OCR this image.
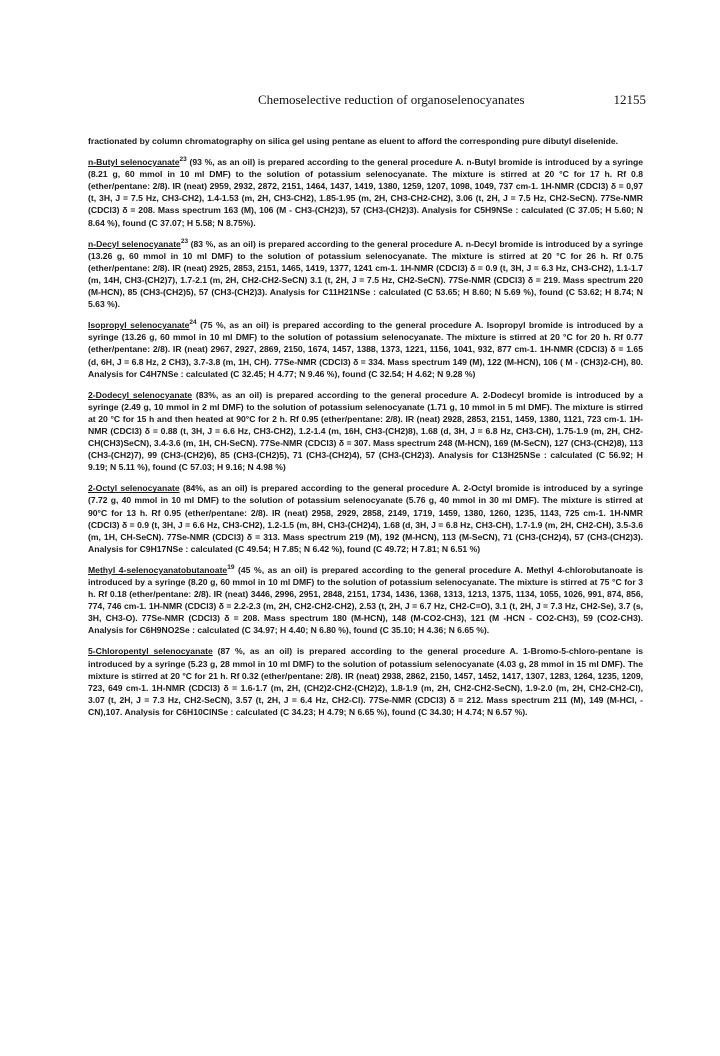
Chemoselective reduction of organoselenocyanates	12155

fractionated by column chromatography on silica gel using pentane as eluent to afford the corresponding pure dibutyl diselenide.

n-Butyl selenocyanate$^{23}$ (93 %, as an oil) is prepared according to the general procedure A. n-Butyl bromide is introduced by a syringe (8.21 g, 60 mmol in 10 ml DMF) to the solution of potassium selenocyanate. The mixture is stirred at 20 °C for 17 h. Rf 0.8 (ether/pentane: 2/8). IR (neat) 2959, 2932, 2872, 2151, 1464, 1437, 1419, 1380, 1259, 1207, 1098, 1049, 737 cm-1. 1H-NMR (CDCl3) δ = 0,97 (t, 3H, J = 7.5 Hz, CH3-CH2), 1.4-1.53 (m, 2H, CH3-CH2), 1.85-1.95 (m, 2H, CH3-CH2-CH2), 3.06 (t, 2H, J = 7.5 Hz, CH2-SeCN). 77Se-NMR (CDCl3) δ = 208. Mass spectrum 163 (M), 106 (M - CH3-(CH2)3), 57 (CH3-(CH2)3). Analysis for C5H9NSe : calculated (C 37.05; H 5.60; N 8.64 %), found (C 37.07; H 5.58; N 8.75%).

n-Decyl selenocyanate$^{23}$ (83 %, as an oil) is prepared according to the general procedure A. n-Decyl bromide is introduced by a syringe (13.26 g, 60 mmol in 10 ml DMF) to the solution of potassium selenocyanate. The mixture is stirred at 20 °C for 26 h. Rf 0.75 (ether/pentane: 2/8). IR (neat) 2925, 2853, 2151, 1465, 1419, 1377, 1241 cm-1. 1H-NMR (CDCl3) δ = 0.9 (t, 3H, J = 6.3 Hz, CH3-CH2), 1.1-1.7 (m, 14H, CH3-(CH2)7), 1.7-2.1 (m, 2H, CH2-CH2-SeCN) 3.1 (t, 2H, J = 7.5 Hz, CH2-SeCN). 77Se-NMR (CDCl3) δ = 219. Mass spectrum 220 (M-HCN), 85 (CH3-(CH2)5), 57 (CH3-(CH2)3). Analysis for C11H21NSe : calculated (C 53.65; H 8.60; N 5.69 %), found (C 53.62; H 8.74; N 5.63 %).

Isopropyl selenocyanate$^{24}$ (75 %, as an oil) is prepared according to the general procedure A. Isopropyl bromide is introduced by a syringe (13.26 g, 60 mmol in 10 ml DMF) to the solution of potassium selenocyanate. The mixture is stirred at 20 °C for 20 h. Rf 0.77 (ether/pentane: 2/8). IR (neat) 2967, 2927, 2869, 2150, 1674, 1457, 1388, 1373, 1221, 1156, 1041, 932, 877 cm-1. 1H-NMR (CDCl3) δ = 1.65 (d, 6H, J = 6.8 Hz, 2 CH3), 3.7-3.8 (m, 1H, CH). 77Se-NMR (CDCl3) δ = 334. Mass spectrum 149 (M), 122 (M-HCN), 106 ( M - (CH3)2-CH), 80. Analysis for C4H7NSe : calculated (C 32.45; H 4.77; N 9.46 %), found (C 32.54; H 4.62; N 9.28 %)

2-Dodecyl selenocyanate (83%, as an oil) is prepared according to the general procedure A. 2-Dodecyl bromide is introduced by a syringe (2.49 g, 10 mmol in 2 ml DMF) to the solution of potassium selenocyanate (1.71 g, 10 mmol in 5 ml DMF). The mixture is stirred at 20 °C for 15 h and then heated at 90°C for 2 h. Rf 0.95 (ether/pentane: 2/8). IR (neat) 2928, 2853, 2151, 1459, 1380, 1121, 723 cm-1. 1H-NMR (CDCl3) δ = 0.88 (t, 3H, J = 6.6 Hz, CH3-CH2), 1.2-1.4 (m, 16H, CH3-(CH2)8), 1.68 (d, 3H, J = 6.8 Hz, CH3-CH), 1.75-1.9 (m, 2H, CH2-CH(CH3)SeCN), 3.4-3.6 (m, 1H, CH-SeCN). 77Se-NMR (CDCl3) δ = 307. Mass spectrum 248 (M-HCN), 169 (M-SeCN), 127 (CH3-(CH2)8), 113 (CH3-(CH2)7), 99 (CH3-(CH2)6), 85 (CH3-(CH2)5), 71 (CH3-(CH2)4), 57 (CH3-(CH2)3). Analysis for C13H25NSe : calculated (C 56.92; H 9.19; N 5.11 %), found (C 57.03; H 9.16; N 4.98 %)

2-Octyl selenocyanate (84%, as an oil) is prepared according to the general procedure A. 2-Octyl bromide is introduced by a syringe (7.72 g, 40 mmol in 10 ml DMF) to the solution of potassium selenocyanate (5.76 g, 40 mmol in 30 ml DMF). The mixture is stirred at 90°C for 13 h. Rf 0.95 (ether/pentane: 2/8). IR (neat) 2958, 2929, 2858, 2149, 1719, 1459, 1380, 1260, 1235, 1143, 725 cm-1. 1H-NMR (CDCl3) δ = 0.9 (t, 3H, J = 6.6 Hz, CH3-CH2), 1.2-1.5 (m, 8H, CH3-(CH2)4), 1.68 (d, 3H, J = 6.8 Hz, CH3-CH), 1.7-1.9 (m, 2H, CH2-CH), 3.5-3.6 (m, 1H, CH-SeCN). 77Se-NMR (CDCl3) δ = 313. Mass spectrum 219 (M), 192 (M-HCN), 113 (M-SeCN), 71 (CH3-(CH2)4), 57 (CH3-(CH2)3). Analysis for C9H17NSe : calculated (C 49.54; H 7.85; N 6.42 %), found (C 49.72; H 7.81; N 6.51 %)

Methyl 4-selenocyanatobutanoate$^{19}$ (45 %, as an oil) is prepared according to the general procedure A. Methyl 4-chlorobutanoate is introduced by a syringe (8.20 g, 60 mmol in 10 ml DMF) to the solution of potassium selenocyanate. The mixture is stirred at 75 °C for 3 h. Rf 0.18 (ether/pentane: 2/8). IR (neat) 3446, 2996, 2951, 2848, 2151, 1734, 1436, 1368, 1313, 1213, 1375, 1134, 1055, 1026, 991, 874, 856, 774, 746 cm-1. 1H-NMR (CDCl3) δ = 2.2-2.3 (m, 2H, CH2-CH2-CH2), 2.53 (t, 2H, J = 6.7 Hz, CH2-C=O), 3.1 (t, 2H, J = 7.3 Hz, CH2-Se), 3.7 (s, 3H, CH3-O). 77Se-NMR (CDCl3) δ = 208. Mass spectrum 180 (M-HCN), 148 (M-CO2-CH3), 121 (M -HCN - CO2-CH3), 59 (CO2-CH3). Analysis for C6H9NO2Se : calculated (C 34.97; H 4.40; N 6.80 %), found (C 35.10; H 4.36; N 6.65 %).

5-Chloropentyl selenocyanate (87 %, as an oil) is prepared according to the general procedure A. 1-Bromo-5-chloro-pentane is introduced by a syringe (5.23 g, 28 mmol in 10 ml DMF) to the solution of potassium selenocyanate (4.03 g, 28 mmol in 15 ml DMF). The mixture is stirred at 20 °C for 21 h. Rf 0.32 (ether/pentane: 2/8). IR (neat) 2938, 2862, 2150, 1457, 1452, 1417, 1307, 1283, 1264, 1235, 1209, 723, 649 cm-1. 1H-NMR (CDCl3) δ = 1.6-1.7 (m, 2H, (CH2)2-CH2-(CH2)2), 1.8-1.9 (m, 2H, CH2-CH2-SeCN), 1.9-2.0 (m, 2H, CH2-CH2-Cl), 3.07 (t, 2H, J = 7.3 Hz, CH2-SeCN), 3.57 (t, 2H, J = 6.4 Hz, CH2-Cl). 77Se-NMR (CDCl3) δ = 212. Mass spectrum 211 (M), 149 (M-HCl, -CN),107. Analysis for C6H10ClNSe : calculated (C 34.23; H 4.79; N 6.65 %), found (C 34.30; H 4.74; N 6.57 %).
